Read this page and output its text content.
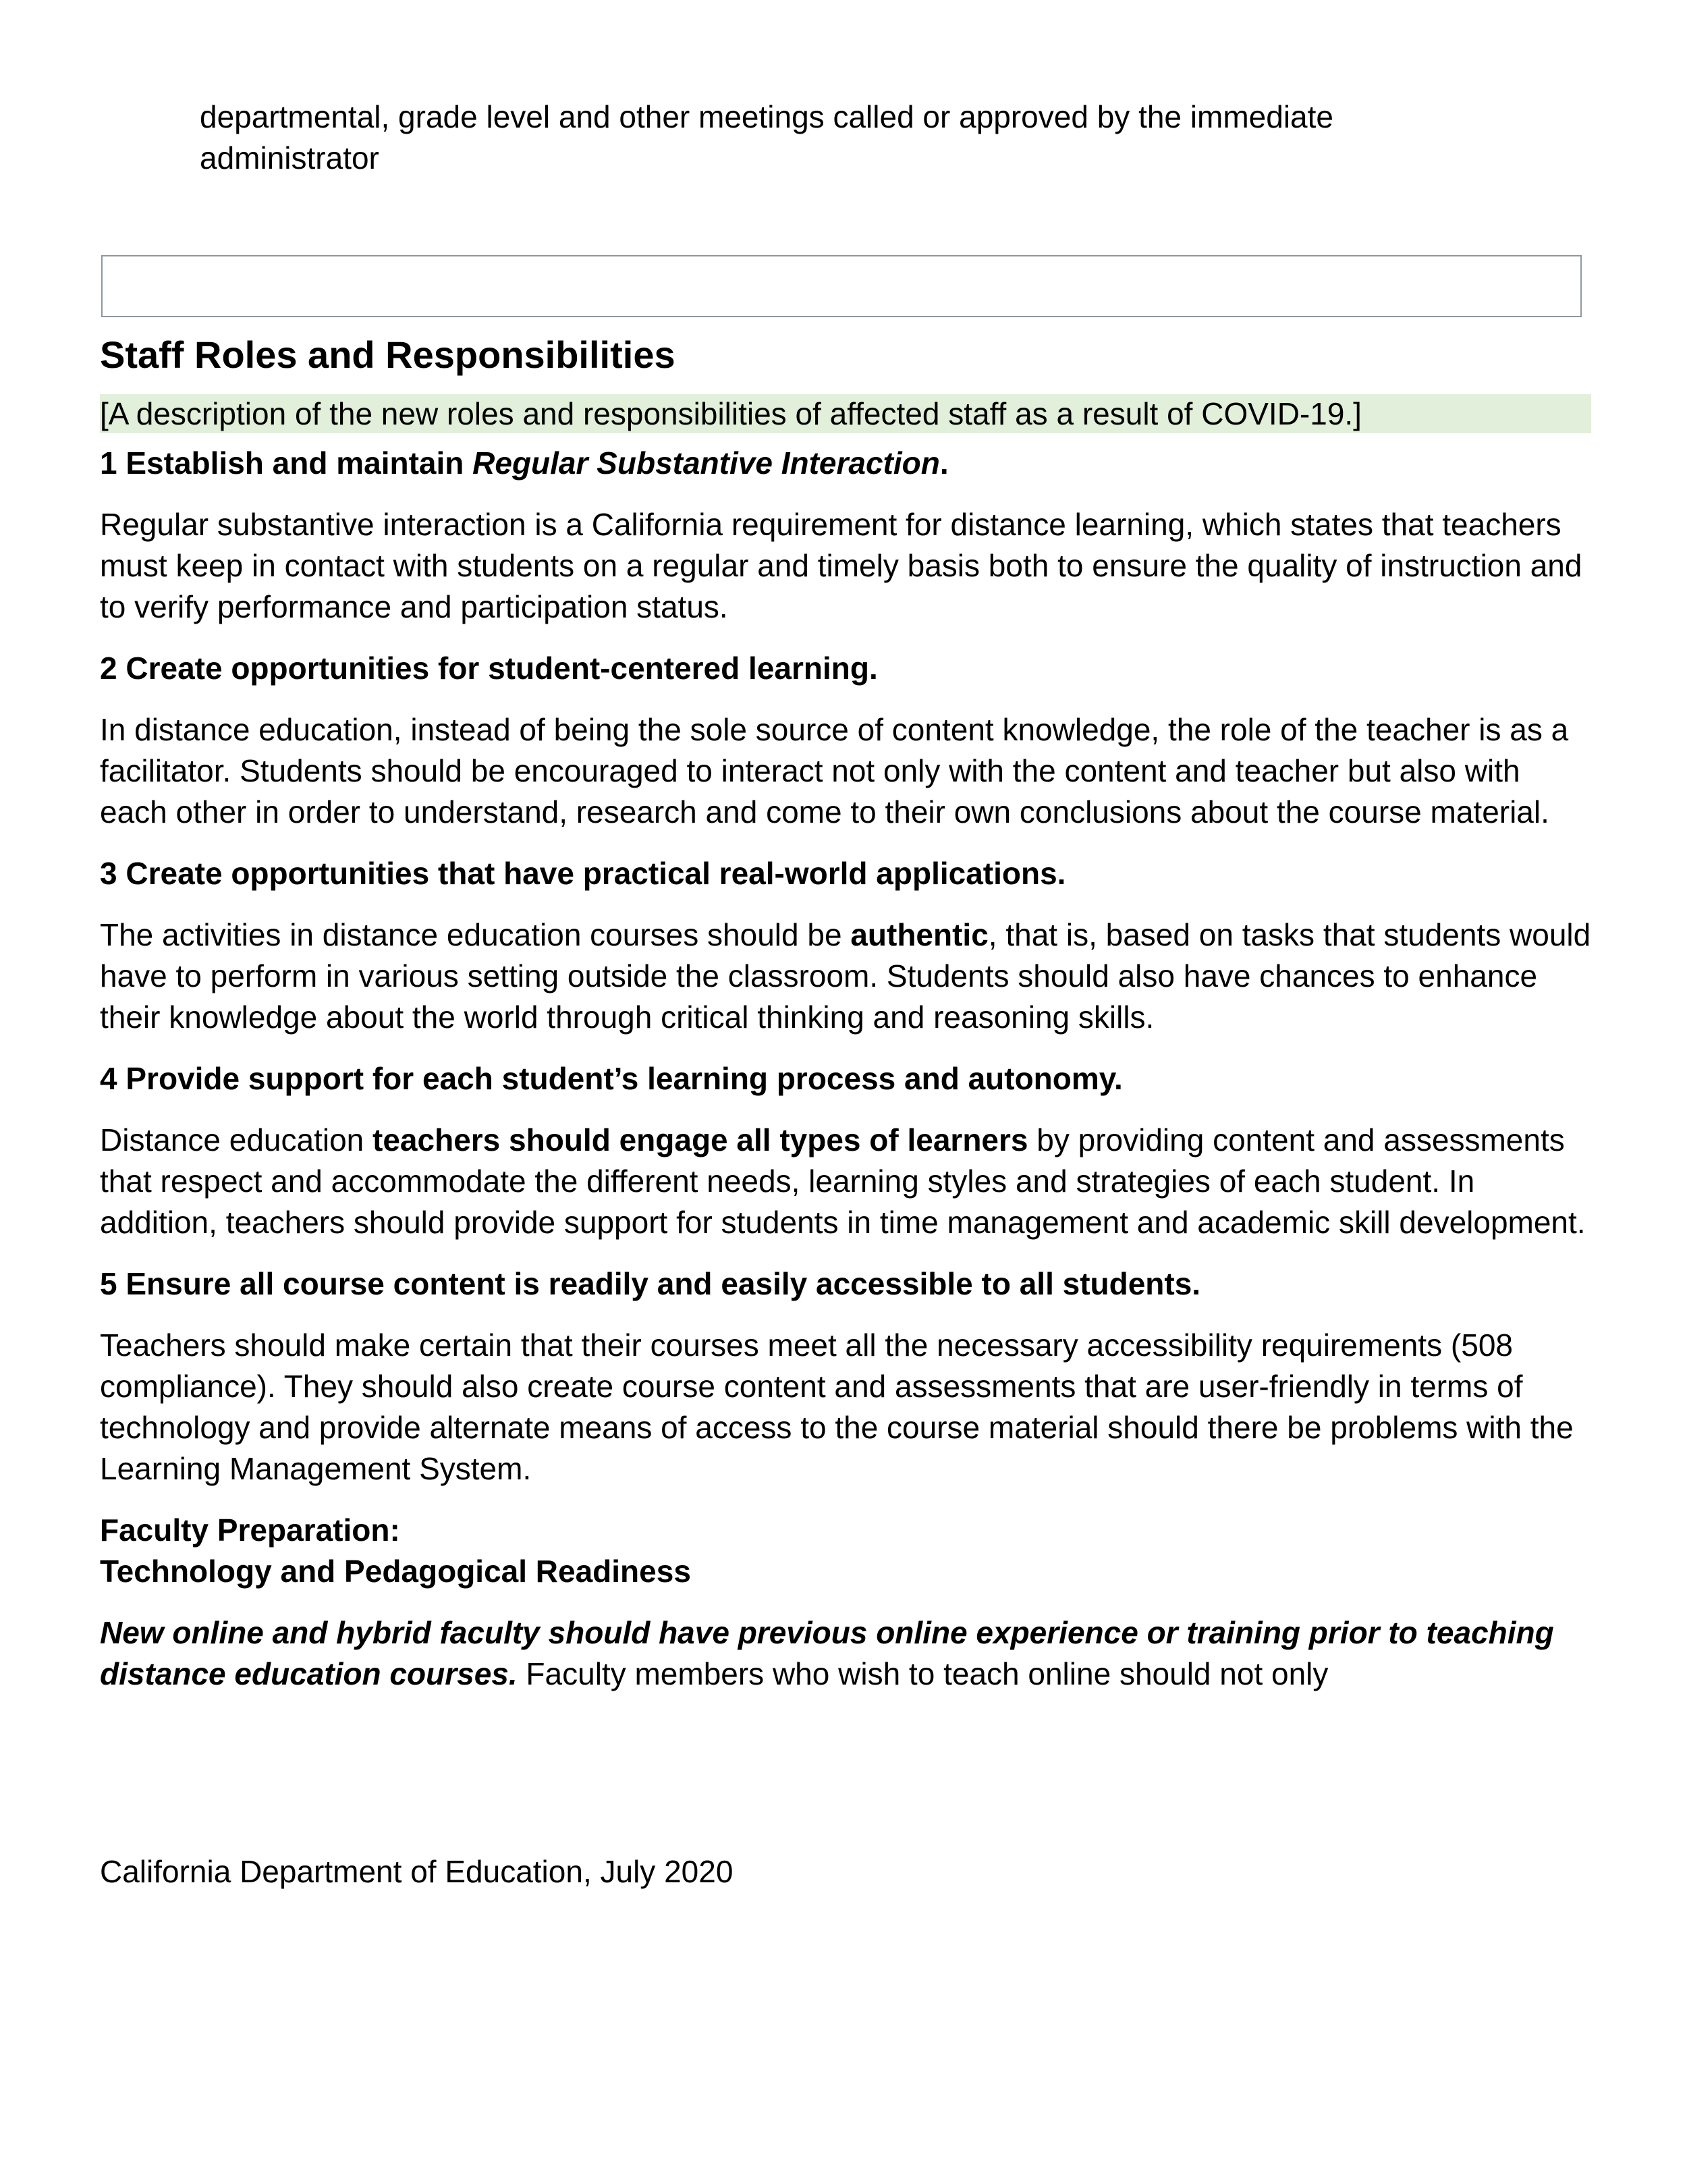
departmental, grade level and other meetings called or approved by the immediate
administrator
Staff Roles and Responsibilities
[A description of the new roles and responsibilities of affected staff as a result of COVID-19.]
1 Establish and maintain Regular Substantive Interaction.

Regular substantive interaction is a California requirement for distance learning, which states that teachers must keep in contact with students on a regular and timely basis both to ensure the quality of instruction and to verify performance and participation status.

2 Create opportunities for student-centered learning.

In distance education, instead of being the sole source of content knowledge, the role of the teacher is as a facilitator. Students should be encouraged to interact not only with the content and teacher but also with each other in order to understand, research and come to their own conclusions about the course material.

3 Create opportunities that have practical real-world applications.

The activities in distance education courses should be authentic, that is, based on tasks that students would have to perform in various setting outside the classroom. Students should also have chances to enhance their knowledge about the world through critical thinking and reasoning skills.

4 Provide support for each student’s learning process and autonomy.

Distance education teachers should engage all types of learners by providing content and assessments that respect and accommodate the different needs, learning styles and strategies of each student. In addition, teachers should provide support for students in time management and academic skill development.

5 Ensure all course content is readily and easily accessible to all students.

Teachers should make certain that their courses meet all the necessary accessibility requirements (508 compliance). They should also create course content and assessments that are user-friendly in terms of technology and provide alternate means of access to the course material should there be problems with the Learning Management System.

Faculty Preparation:
Technology and Pedagogical Readiness

New online and hybrid faculty should have previous online experience or training prior to teaching distance education courses. Faculty members who wish to teach online should not only

California Department of Education, July 2020
